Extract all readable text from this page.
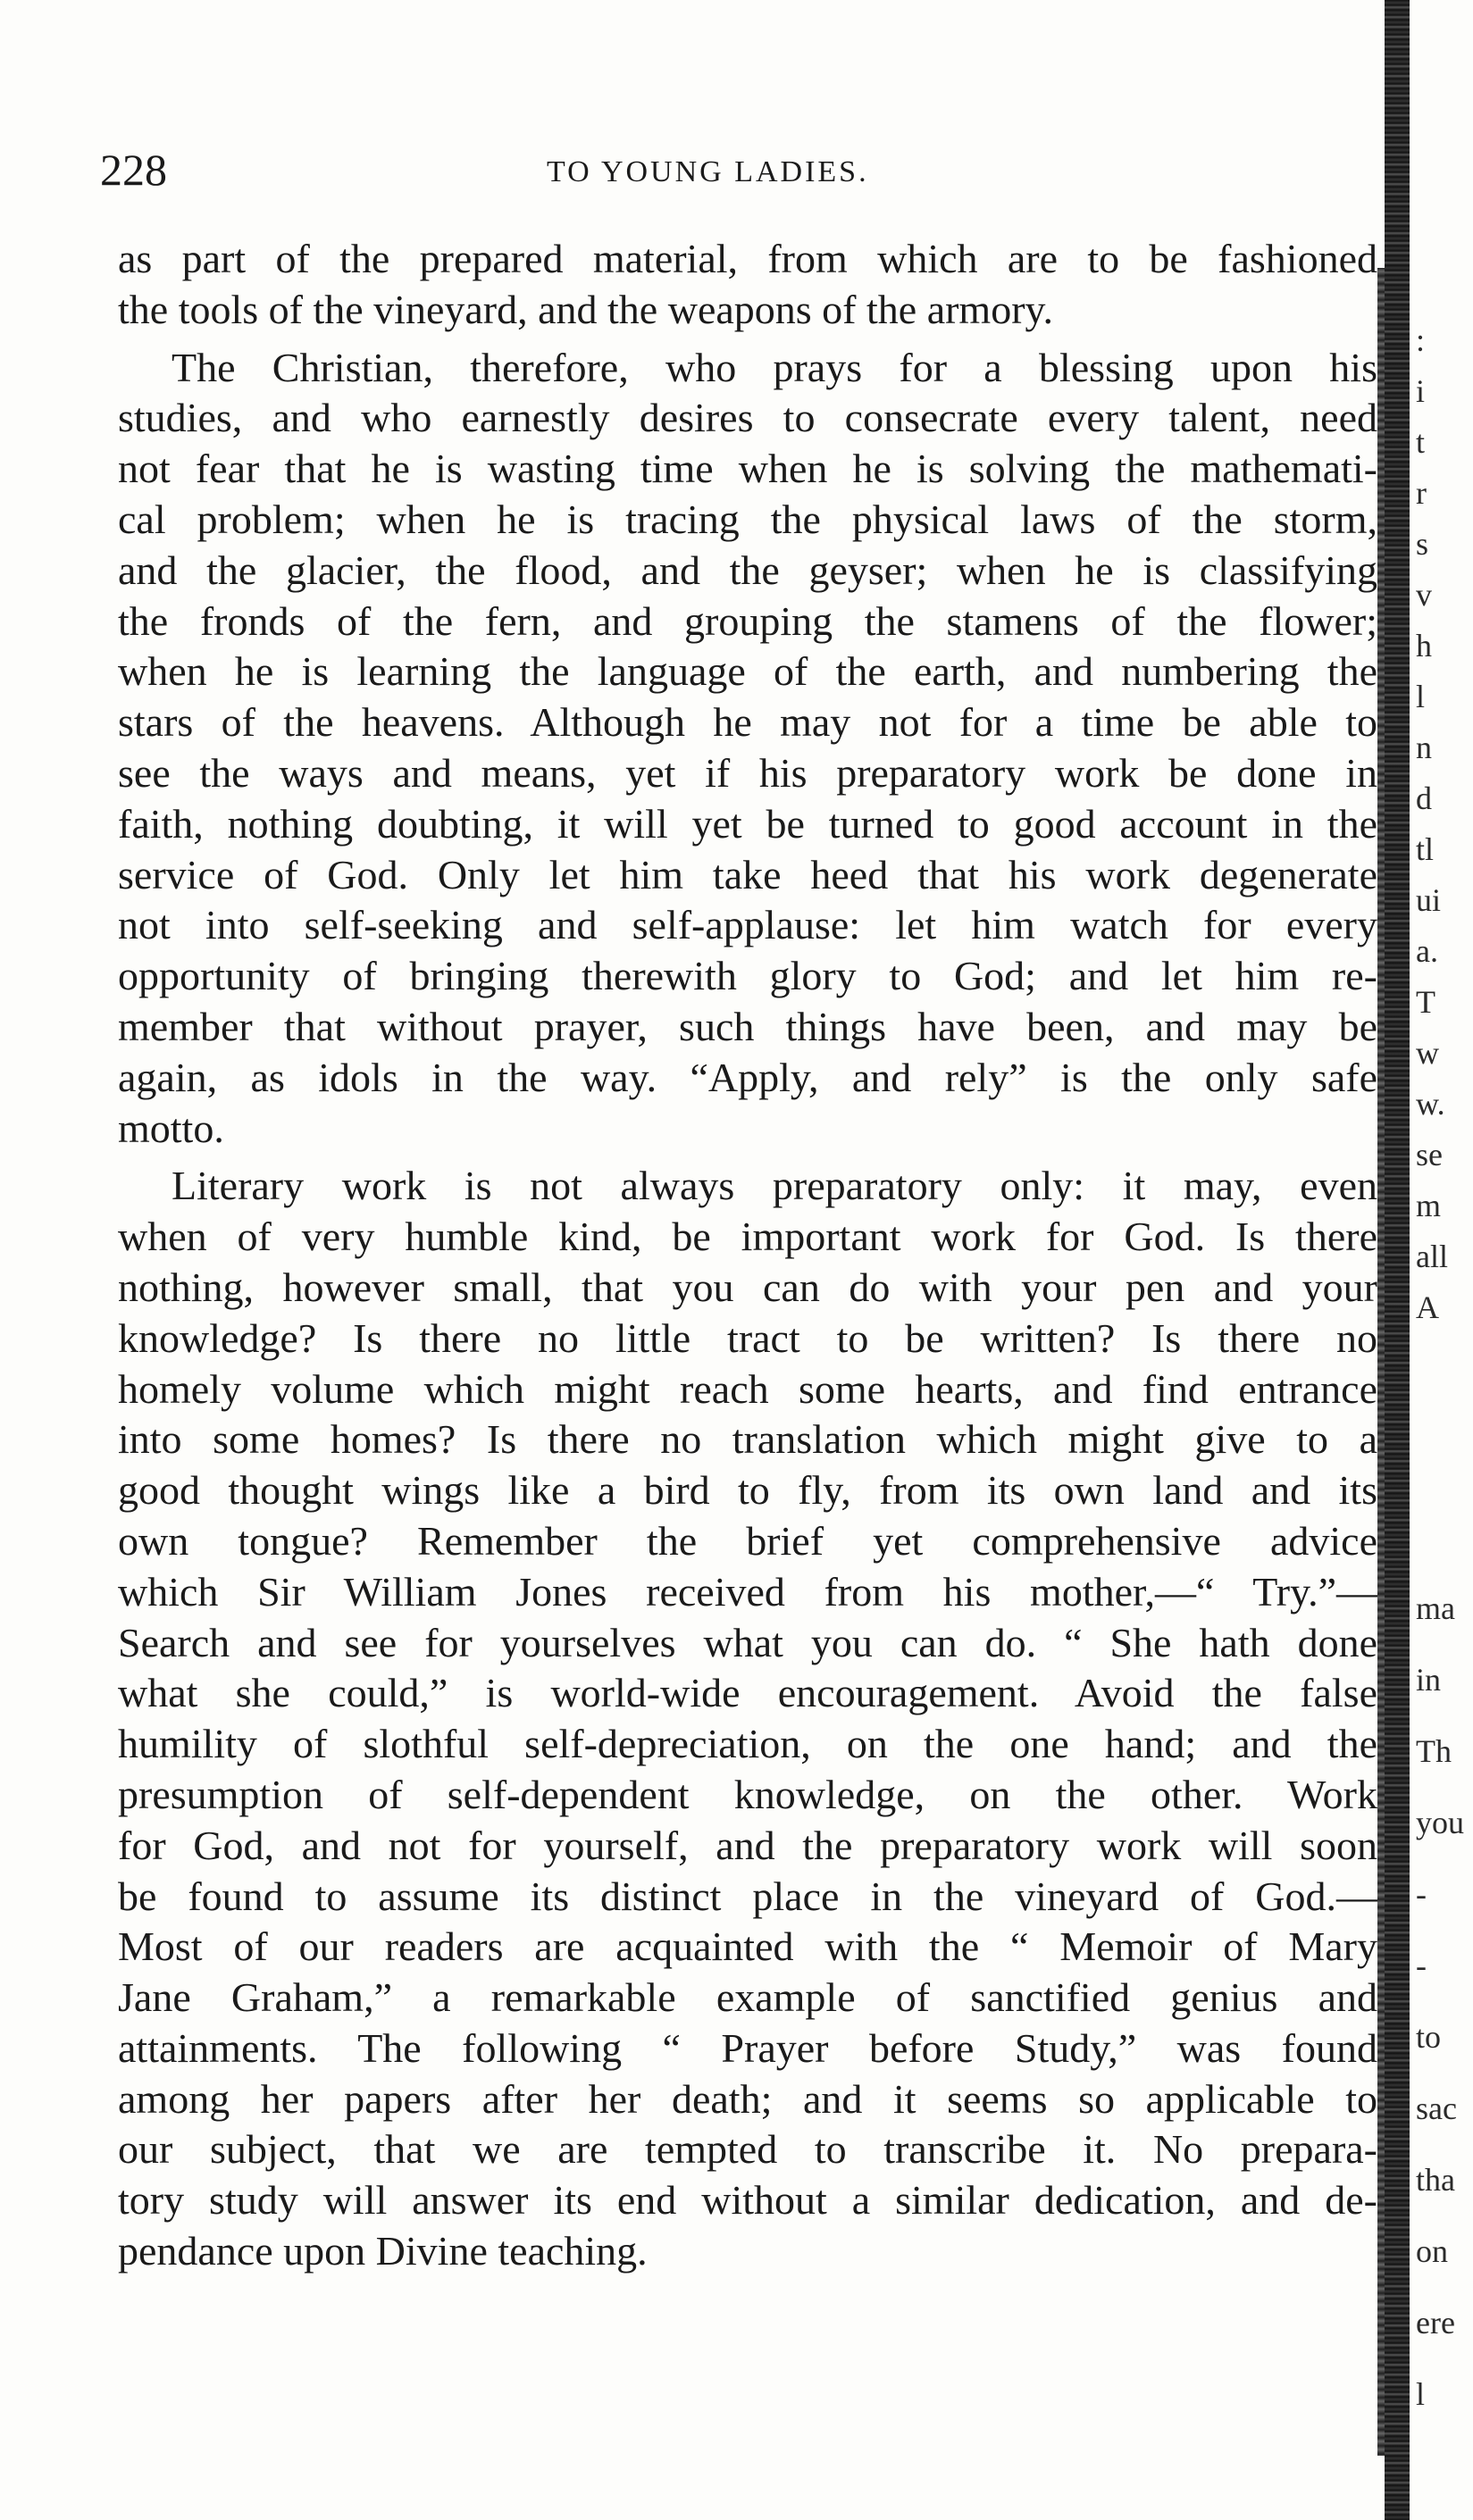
228	TO YOUNG LADIES.
as part of the prepared material, from which are to be fashioned
the tools of the vineyard, and the weapons of the armory.
The Christian, therefore, who prays for a blessing upon his
studies, and who earnestly desires to consecrate every talent, need
not fear that he is wasting time when he is solving the mathemati-
cal problem; when he is tracing the physical laws of the storm,
and the glacier, the flood, and the geyser; when he is classifying
the fronds of the fern, and grouping the stamens of the flower;
when he is learning the language of the earth, and numbering the
stars of the heavens. Although he may not for a time be able to
see the ways and means, yet if his preparatory work be done in
faith, nothing doubting, it will yet be turned to good account in the
service of God. Only let him take heed that his work degenerate
not into self-seeking and self-applause: let him watch for every
opportunity of bringing therewith glory to God; and let him re-
member that without prayer, such things have been, and may be
again, as idols in the way. “Apply, and rely” is the only safe
motto.
Literary work is not always preparatory only: it may, even
when of very humble kind, be important work for God. Is there
nothing, however small, that you can do with your pen and your
knowledge? Is there no little tract to be written? Is there no
homely volume which might reach some hearts, and find entrance
into some homes? Is there no translation which might give to a
good thought wings like a bird to fly, from its own land and its
own tongue? Remember the brief yet comprehensive advice
which Sir William Jones received from his mother,—“ Try.”—
Search and see for yourselves what you can do. “ She hath done
what she could,” is world-wide encouragement. Avoid the false
humility of slothful self-depreciation, on the one hand; and the
presumption of self-dependent knowledge, on the other. Work
for God, and not for yourself, and the preparatory work will soon
be found to assume its distinct place in the vineyard of God.—
Most of our readers are acquainted with the “ Memoir of Mary
Jane Graham,” a remarkable example of sanctified genius and
attainments. The following “ Prayer before Study,” was found
among her papers after her death; and it seems so applicable to
our subject, that we are tempted to transcribe it. No prepara-
tory study will answer its end without a similar dedication, and de-
pendance upon Divine teaching.
:
i
t
r
s
v
h
l
n
d
tl
ui
a.
T
w
w.
se
m
all
A
ma
in
Th
you
-
-
to
sac
tha
on
ere
l
